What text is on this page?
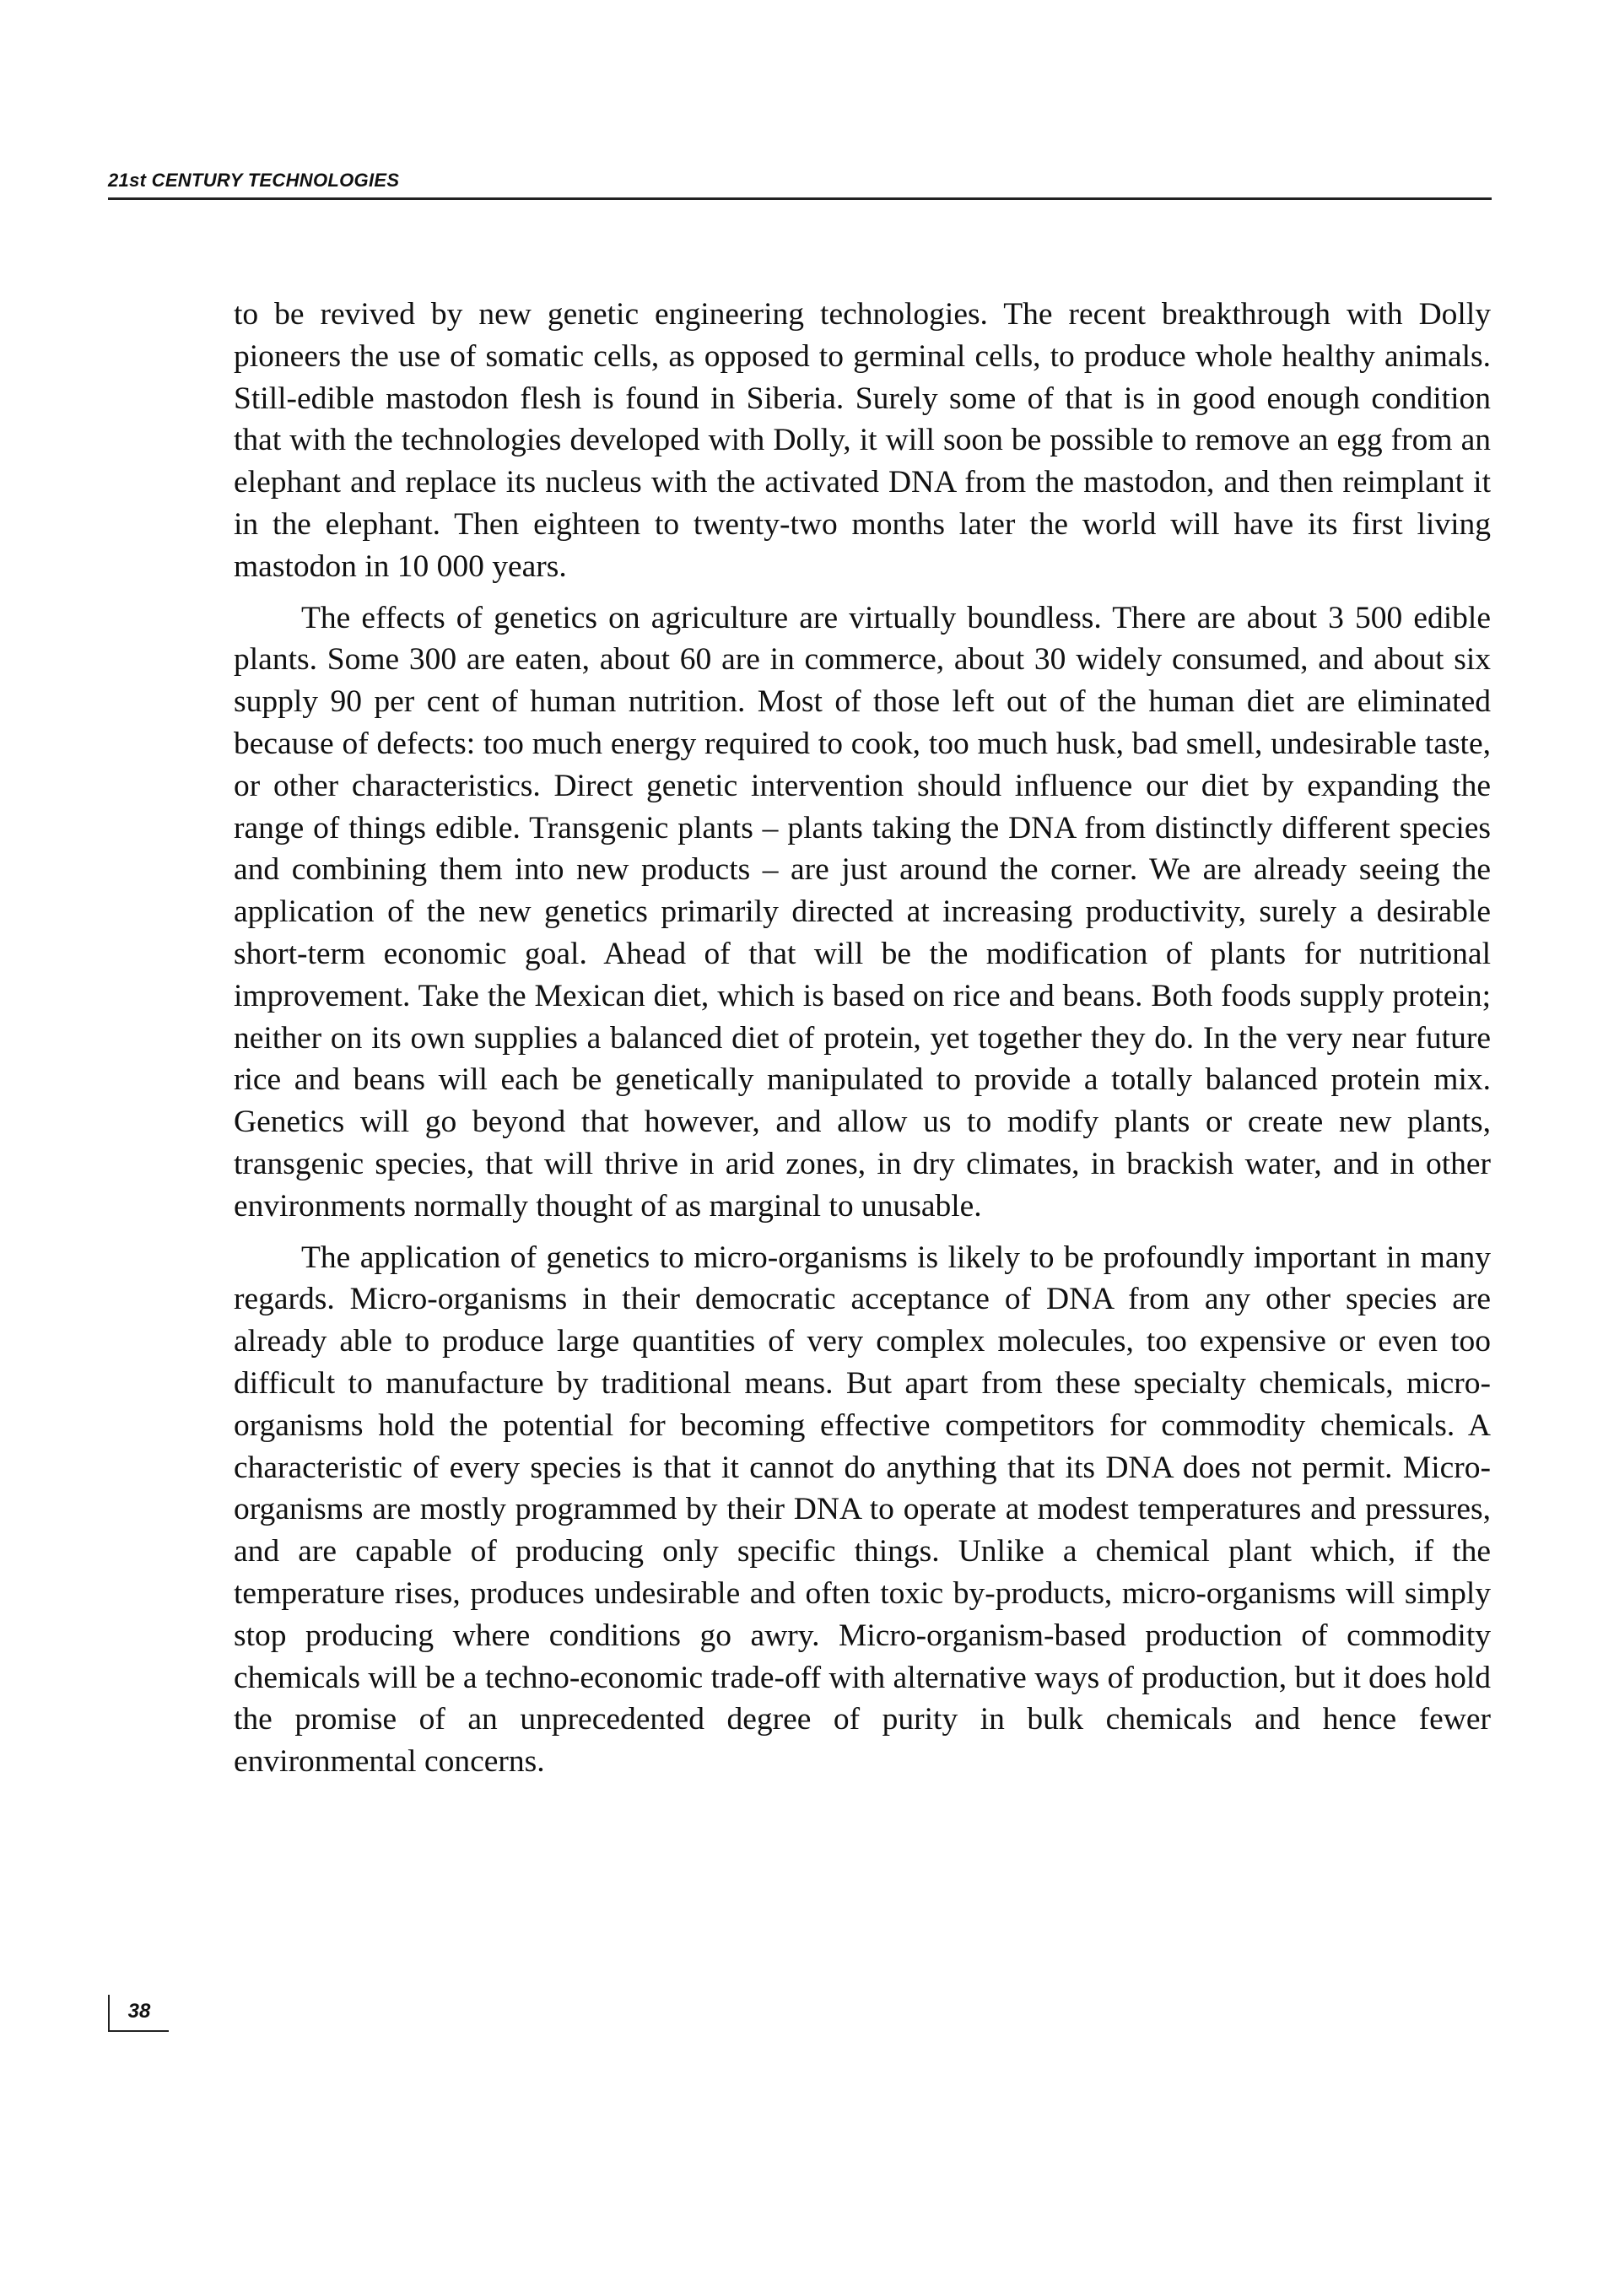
21st CENTURY TECHNOLOGIES

to be revived by new genetic engineering technologies. The recent breakthrough with Dolly pioneers the use of somatic cells, as opposed to germinal cells, to produce whole healthy animals. Still-edible mastodon flesh is found in Siberia. Surely some of that is in good enough condition that with the technologies developed with Dolly, it will soon be possible to remove an egg from an elephant and replace its nucleus with the activated DNA from the mastodon, and then reimplant it in the elephant. Then eighteen to twenty-two months later the world will have its first living mastodon in 10 000 years.

The effects of genetics on agriculture are virtually boundless. There are about 3 500 edible plants. Some 300 are eaten, about 60 are in commerce, about 30 widely consumed, and about six supply 90 per cent of human nutrition. Most of those left out of the human diet are eliminated because of defects: too much energy required to cook, too much husk, bad smell, undesirable taste, or other characteristics. Direct genetic intervention should influence our diet by expanding the range of things edible. Transgenic plants – plants taking the DNA from distinctly different species and combining them into new products – are just around the corner. We are already seeing the application of the new genetics primarily directed at increasing productivity, surely a desirable short-term economic goal. Ahead of that will be the modification of plants for nutritional improvement. Take the Mexican diet, which is based on rice and beans. Both foods supply protein; neither on its own supplies a balanced diet of protein, yet together they do. In the very near future rice and beans will each be genetically manipulated to provide a totally balanced protein mix. Genetics will go beyond that however, and allow us to modify plants or create new plants, transgenic species, that will thrive in arid zones, in dry climates, in brackish water, and in other environments normally thought of as marginal to unusable.

The application of genetics to micro-organisms is likely to be profoundly important in many regards. Micro-organisms in their democratic acceptance of DNA from any other species are already able to produce large quantities of very complex molecules, too expensive or even too difficult to manufacture by traditional means. But apart from these specialty chemicals, micro-organisms hold the potential for becoming effective competitors for commodity chemicals. A characteristic of every species is that it cannot do anything that its DNA does not permit. Micro-organisms are mostly programmed by their DNA to operate at modest temperatures and pressures, and are capable of producing only specific things. Unlike a chemical plant which, if the temperature rises, produces undesirable and often toxic by-products, micro-organisms will simply stop producing where conditions go awry. Micro-organism-based production of commodity chemicals will be a techno-economic trade-off with alternative ways of production, but it does hold the promise of an unprecedented degree of purity in bulk chemicals and hence fewer environmental concerns.

38
